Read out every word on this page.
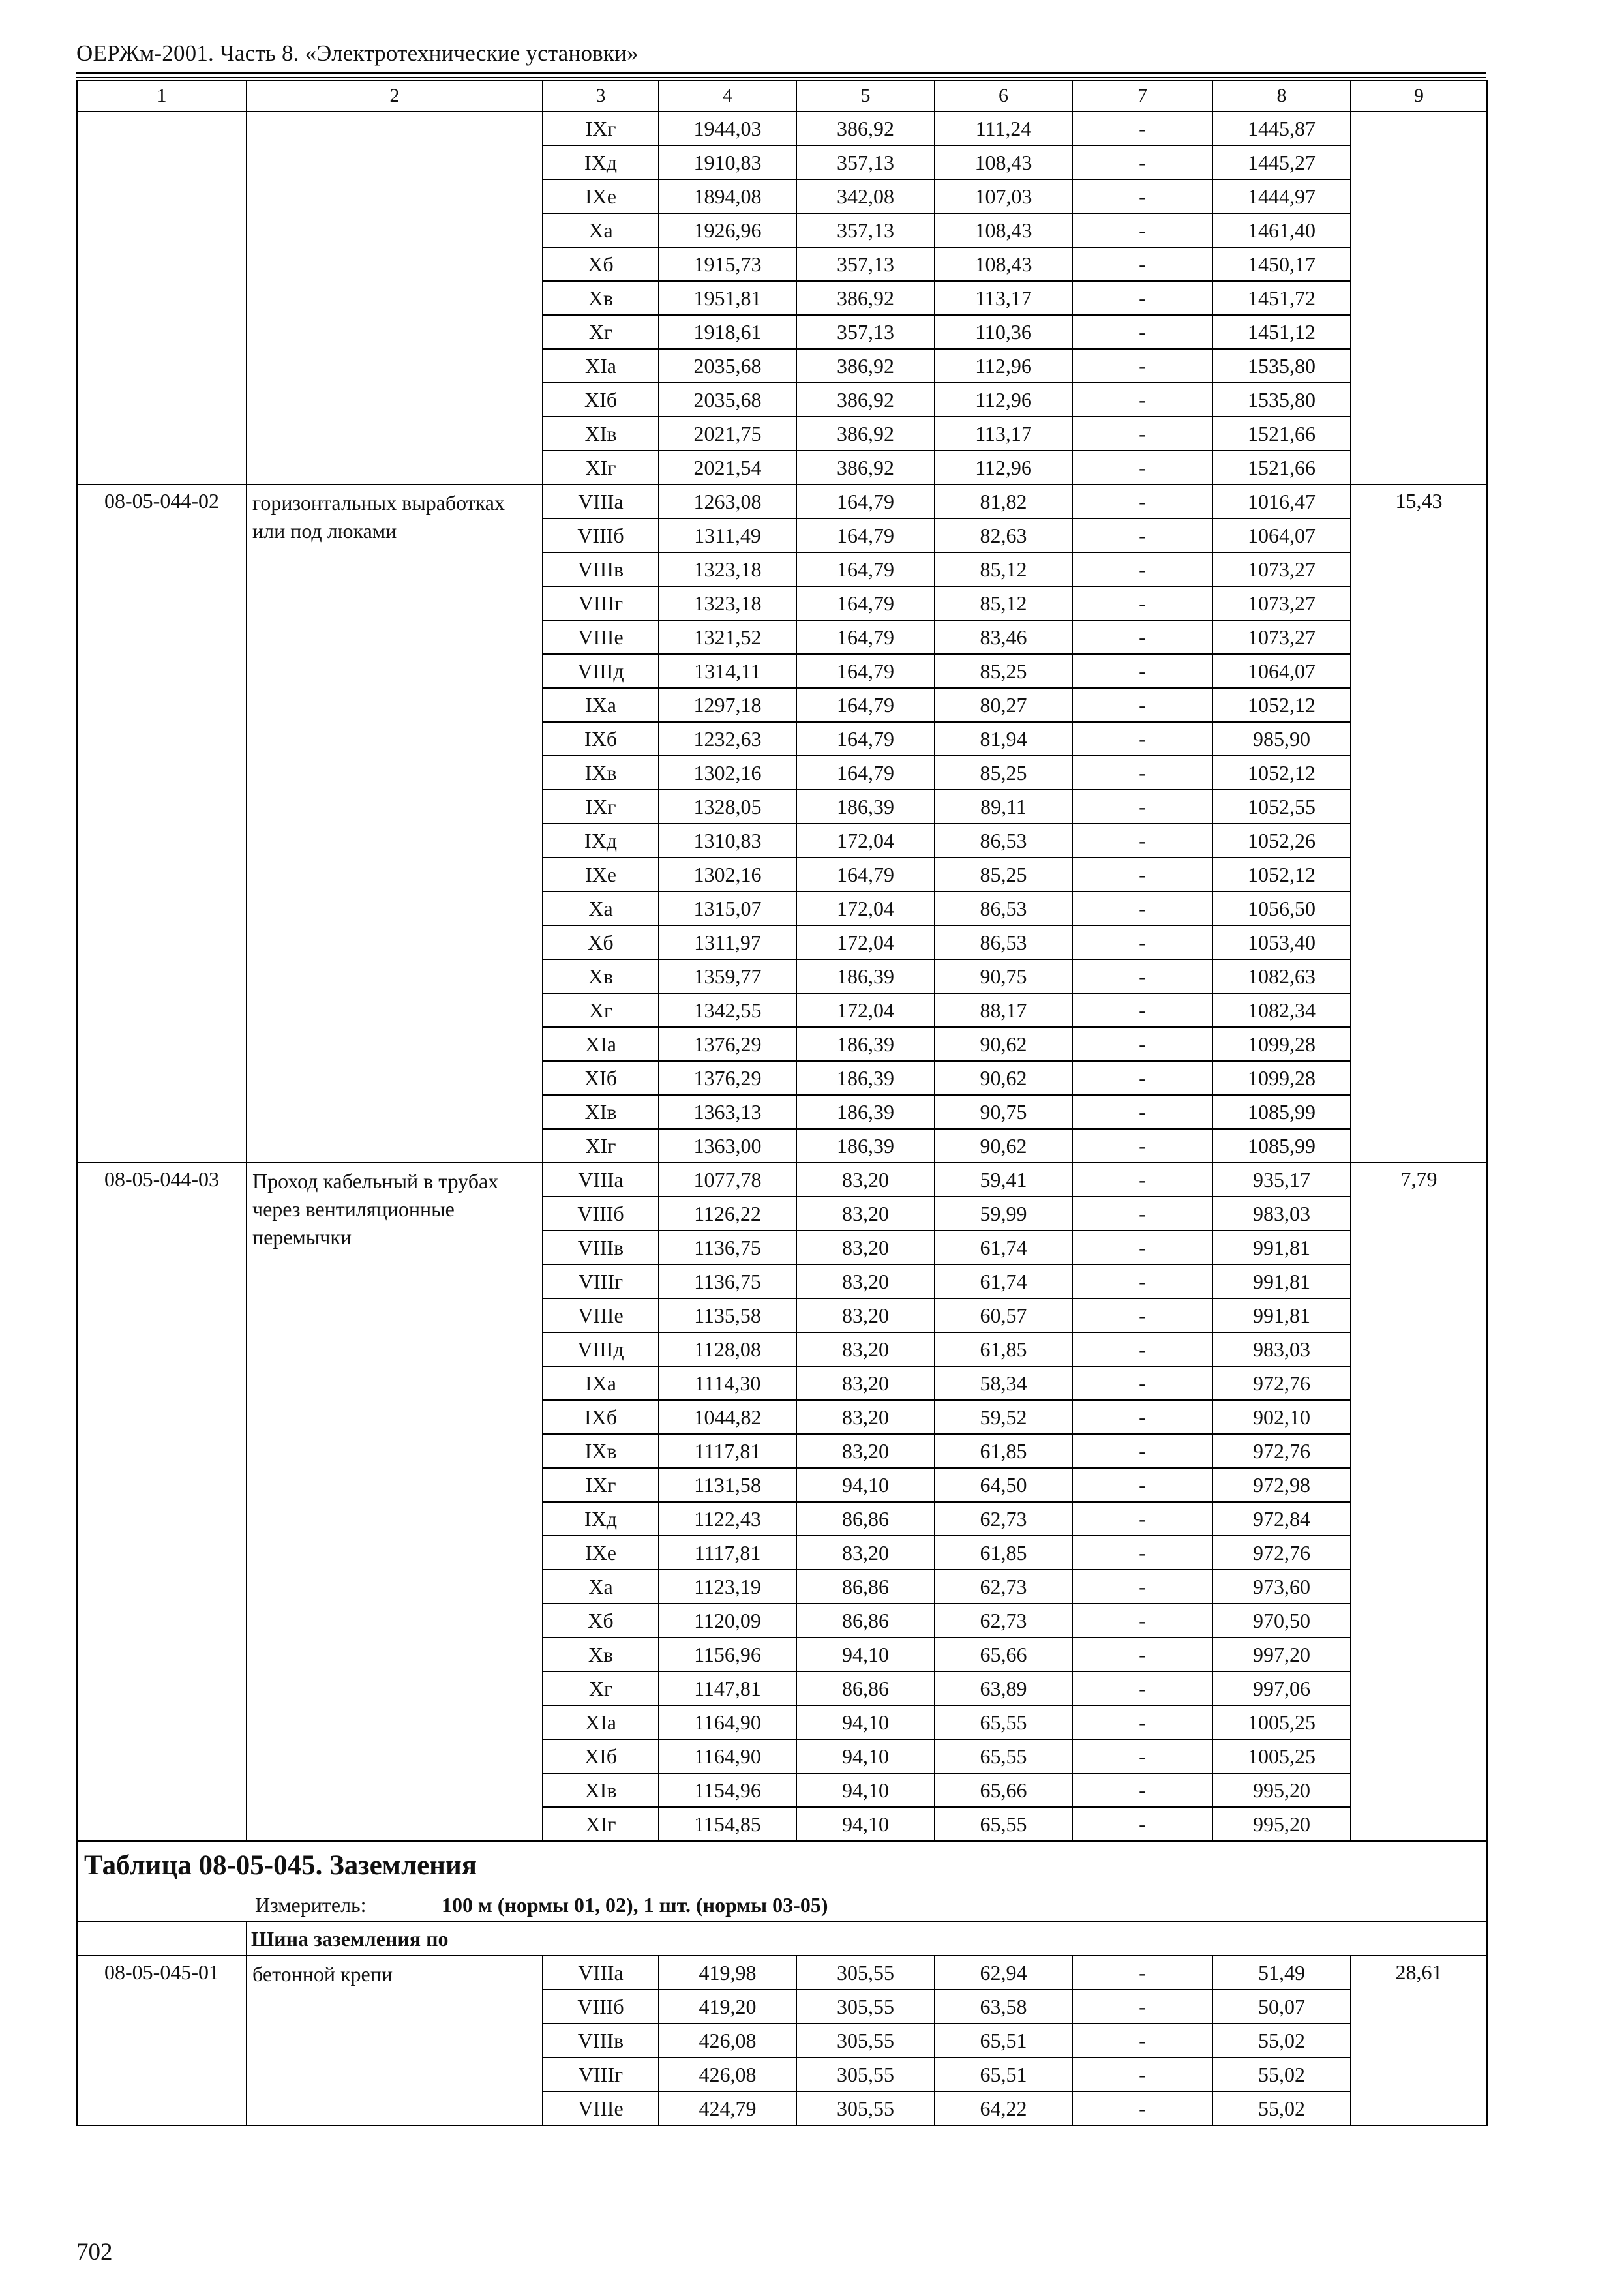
ОЕРЖм-2001. Часть 8. «Электротехнические установки»
1	2	3	4	5	6	7	8	9
		IXг	1944,03	386,92	111,24	-	1445,87	
		IXд	1910,83	357,13	108,43	-	1445,27	
		IXе	1894,08	342,08	107,03	-	1444,97	
		Xа	1926,96	357,13	108,43	-	1461,40	
		Xб	1915,73	357,13	108,43	-	1450,17	
		Xв	1951,81	386,92	113,17	-	1451,72	
		Xг	1918,61	357,13	110,36	-	1451,12	
		XIа	2035,68	386,92	112,96	-	1535,80	
		XIб	2035,68	386,92	112,96	-	1535,80	
		XIв	2021,75	386,92	113,17	-	1521,66	
		XIг	2021,54	386,92	112,96	-	1521,66	
08-05-044-02	горизонтальных выработках или под люками	VIIIа	1263,08	164,79	81,82	-	1016,47	15,43
		VIIIб	1311,49	164,79	82,63	-	1064,07	
		VIIIв	1323,18	164,79	85,12	-	1073,27	
		VIIIг	1323,18	164,79	85,12	-	1073,27	
		VIIIе	1321,52	164,79	83,46	-	1073,27	
		VIIIд	1314,11	164,79	85,25	-	1064,07	
		IXа	1297,18	164,79	80,27	-	1052,12	
		IXб	1232,63	164,79	81,94	-	985,90	
		IXв	1302,16	164,79	85,25	-	1052,12	
		IXг	1328,05	186,39	89,11	-	1052,55	
		IXд	1310,83	172,04	86,53	-	1052,26	
		IXе	1302,16	164,79	85,25	-	1052,12	
		Xа	1315,07	172,04	86,53	-	1056,50	
		Xб	1311,97	172,04	86,53	-	1053,40	
		Xв	1359,77	186,39	90,75	-	1082,63	
		Xг	1342,55	172,04	88,17	-	1082,34	
		XIа	1376,29	186,39	90,62	-	1099,28	
		XIб	1376,29	186,39	90,62	-	1099,28	
		XIв	1363,13	186,39	90,75	-	1085,99	
		XIг	1363,00	186,39	90,62	-	1085,99	
08-05-044-03	Проход кабельный в трубах через вентиляционные перемычки	VIIIа	1077,78	83,20	59,41	-	935,17	7,79
		VIIIб	1126,22	83,20	59,99	-	983,03	
		VIIIв	1136,75	83,20	61,74	-	991,81	
		VIIIг	1136,75	83,20	61,74	-	991,81	
		VIIIе	1135,58	83,20	60,57	-	991,81	
		VIIIд	1128,08	83,20	61,85	-	983,03	
		IXа	1114,30	83,20	58,34	-	972,76	
		IXб	1044,82	83,20	59,52	-	902,10	
		IXв	1117,81	83,20	61,85	-	972,76	
		IXг	1131,58	94,10	64,50	-	972,98	
		IXд	1122,43	86,86	62,73	-	972,84	
		IXе	1117,81	83,20	61,85	-	972,76	
		Xа	1123,19	86,86	62,73	-	973,60	
		Xб	1120,09	86,86	62,73	-	970,50	
		Xв	1156,96	94,10	65,66	-	997,20	
		Xг	1147,81	86,86	63,89	-	997,06	
		XIа	1164,90	94,10	65,55	-	1005,25	
		XIб	1164,90	94,10	65,55	-	1005,25	
		XIв	1154,96	94,10	65,66	-	995,20	
		XIг	1154,85	94,10	65,55	-	995,20	
Таблица 08-05-045. Заземления								
Измеритель: 100 м (нормы 01, 02), 1 шт. (нормы 03-05)								
	Шина заземления по							
08-05-045-01	бетонной крепи	VIIIа	419,98	305,55	62,94	-	51,49	28,61
		VIIIб	419,20	305,55	63,58	-	50,07	
		VIIIв	426,08	305,55	65,51	-	55,02	
		VIIIг	426,08	305,55	65,51	-	55,02	
		VIIIе	424,79	305,55	64,22	-	55,02	
702
